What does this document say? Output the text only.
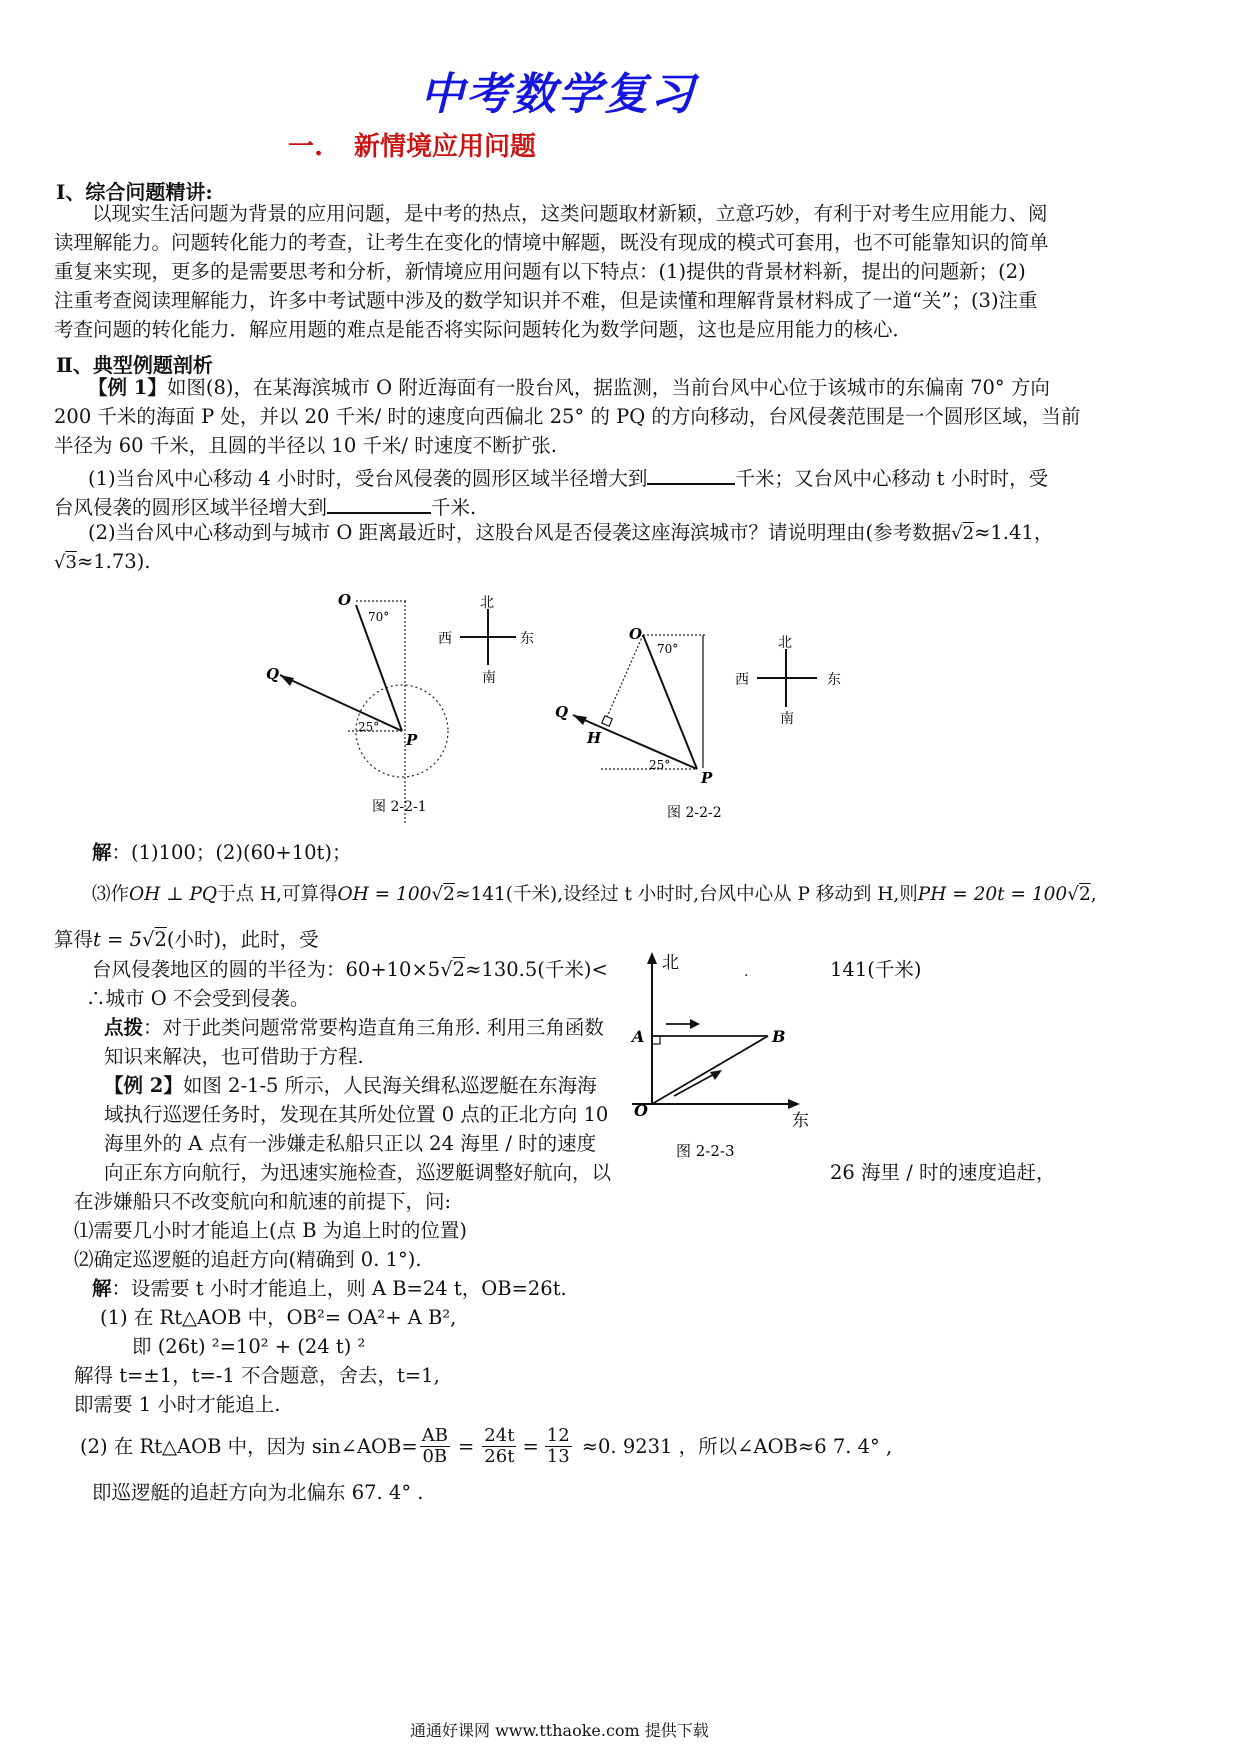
中考数学复习
一. 新情境应用问题
Ⅰ、综合问题精讲:
以现实生活问题为背景的应用问题，是中考的热点，这类问题取材新颖，立意巧妙，有利于对考生应用能力、阅
读理解能力。问题转化能力的考查，让考生在变化的情境中解题，既没有现成的模式可套用，也不可能靠知识的简单
重复来实现，更多的是需要思考和分析，新情境应用问题有以下特点：(1)提供的背景材料新，提出的问题新；(2)
注重考查阅读理解能力，许多中考试题中涉及的数学知识并不难，但是读懂和理解背景材料成了一道“关”；(3)注重
考查问题的转化能力．解应用题的难点是能否将实际问题转化为数学问题，这也是应用能力的核心．
Ⅱ、典型例题剖析
【例 1】如图(8)，在某海滨城市 O 附近海面有一股台风，据监测，当前台风中心位于该城市的东偏南 70° 方向
200 千米的海面 P 处，并以 20 千米/ 时的速度向西偏北 25° 的 PQ 的方向移动，台风侵袭范围是一个圆形区域，当前
半径为 60 千米，且圆的半径以 10 千米/ 时速度不断扩张.
(1)当台风中心移动 4 小时时，受台风侵袭的圆形区域半径增大到	千米；又台风中心移动 t 小时时，受
台风侵袭的圆形区域半径增大到	千米.
(2)当台风中心移动到与城市 O 距离最近时，这股台风是否侵袭这座海滨城市？请说明理由(参考数据√2≈1.41，
√3≈1.73).
O
70°
Q
25°
P
北
南
西	东
图 2-2-1
O
70°
Q
H
25°
P
北
南
西	东
图 2-2-2
解：(1)100；(2)(60+10t)；
⑶作OH ⊥ PQ于点 H,可算得OH = 100√2≈141(千米),设经过 t 小时时,台风中心从 P 移动到 H,则PH = 20t = 100√2,
算得t = 5√2(小时)，此时，受
台风侵袭地区的圆的半径为：60+10×5√2≈130.5(千米)<	141(千米)
∴城市 O 不会受到侵袭。
点拨：对于此类问题常常要构造直角三角形. 利用三角函数
知识来解决，也可借助于方程.
北
东
A	B
O
图 2-2-3
·
【例 2】如图 2-1-5 所示，人民海关缉私巡逻艇在东海海
域执行巡逻任务时，发现在其所处位置 0 点的正北方向 10
海里外的 A 点有一涉嫌走私船只正以 24 海里 / 时的速度
向正东方向航行，为迅速实施检查，巡逻艇调整好航向，以	26 海里 / 时的速度追赶，
在涉嫌船只不改变航向和航速的前提下，问:
⑴需要几小时才能追上(点 B 为追上时的位置)
⑵确定巡逻艇的追赶方向(精确到 0. 1°).
解：设需要 t 小时才能追上，则 A B=24 t，OB=26t.
(1) 在 Rt△AOB 中，OB²= OA²+ A B²,
即 (26t) ²=10² + (24 t) ²
解得 t=±1，t=-1 不合题意，舍去，t=1,
即需要 1 小时才能追上.
(2) 在 Rt△AOB 中，因为 sin∠AOB= $\frac{AB}{0B} = \frac{24t}{26t} = \frac{12}{13} \approx 0$. 9231 ，所以∠AOB≈6 7. 4° ,
即巡逻艇的追赶方向为北偏东 67. 4° .
通通好课网 www.tthaoke.com 提供下载
